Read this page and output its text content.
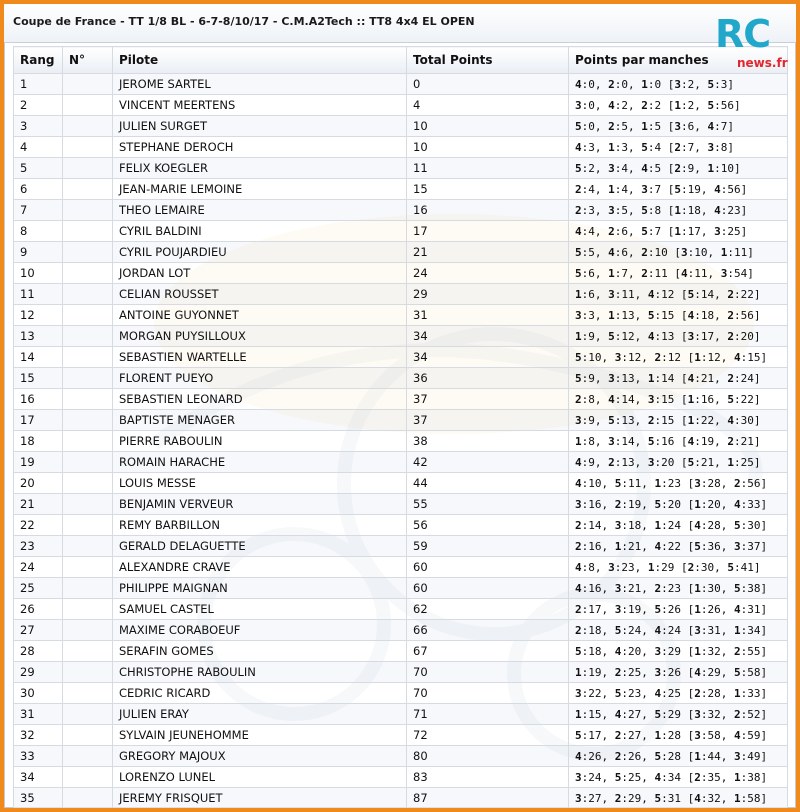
Coupe de France - TT 1/8 BL - 6-7-8/10/17 - C.M.A2Tech :: TT8 4x4 EL OPEN	RC
news.fr
Rang	N°	Pilote	Total Points	Points par manches
1		JEROME SARTEL	0	4:0, 2:0, 1:0 [3:2, 5:3]
2		VINCENT MEERTENS	4	3:0, 4:2, 2:2 [1:2, 5:56]
3		JULIEN SURGET	10	5:0, 2:5, 1:5 [3:6, 4:7]
4		STEPHANE DEROCH	10	4:3, 1:3, 5:4 [2:7, 3:8]
5		FELIX KOEGLER	11	5:2, 3:4, 4:5 [2:9, 1:10]
6		JEAN-MARIE LEMOINE	15	2:4, 1:4, 3:7 [5:19, 4:56]
7		THEO LEMAIRE	16	2:3, 3:5, 5:8 [1:18, 4:23]
8		CYRIL BALDINI	17	4:4, 2:6, 5:7 [1:17, 3:25]
9		CYRIL POUJARDIEU	21	5:5, 4:6, 2:10 [3:10, 1:11]
10		JORDAN LOT	24	5:6, 1:7, 2:11 [4:11, 3:54]
11		CELIAN ROUSSET	29	1:6, 3:11, 4:12 [5:14, 2:22]
12		ANTOINE GUYONNET	31	3:3, 1:13, 5:15 [4:18, 2:56]
13		MORGAN PUYSILLOUX	34	1:9, 5:12, 4:13 [3:17, 2:20]
14		SEBASTIEN WARTELLE	34	5:10, 3:12, 2:12 [1:12, 4:15]
15		FLORENT PUEYO	36	5:9, 3:13, 1:14 [4:21, 2:24]
16		SEBASTIEN LEONARD	37	2:8, 4:14, 3:15 [1:16, 5:22]
17		BAPTISTE MENAGER	37	3:9, 5:13, 2:15 [1:22, 4:30]
18		PIERRE RABOULIN	38	1:8, 3:14, 5:16 [4:19, 2:21]
19		ROMAIN HARACHE	42	4:9, 2:13, 3:20 [5:21, 1:25]
20		LOUIS MESSE	44	4:10, 5:11, 1:23 [3:28, 2:56]
21		BENJAMIN VERVEUR	55	3:16, 2:19, 5:20 [1:20, 4:33]
22		REMY BARBILLON	56	2:14, 3:18, 1:24 [4:28, 5:30]
23		GERALD DELAGUETTE	59	2:16, 1:21, 4:22 [5:36, 3:37]
24		ALEXANDRE CRAVE	60	4:8, 3:23, 1:29 [2:30, 5:41]
25		PHILIPPE MAIGNAN	60	4:16, 3:21, 2:23 [1:30, 5:38]
26		SAMUEL CASTEL	62	2:17, 3:19, 5:26 [1:26, 4:31]
27		MAXIME CORABOEUF	66	2:18, 5:24, 4:24 [3:31, 1:34]
28		SERAFIN GOMES	67	5:18, 4:20, 3:29 [1:32, 2:55]
29		CHRISTOPHE RABOULIN	70	1:19, 2:25, 3:26 [4:29, 5:58]
30		CEDRIC RICARD	70	3:22, 5:23, 4:25 [2:28, 1:33]
31		JULIEN ERAY	71	1:15, 4:27, 5:29 [3:32, 2:52]
32		SYLVAIN JEUNEHOMME	72	5:17, 2:27, 1:28 [3:58, 4:59]
33		GREGORY MAJOUX	80	4:26, 2:26, 5:28 [1:44, 3:49]
34		LORENZO LUNEL	83	3:24, 5:25, 4:34 [2:35, 1:38]
35		JEREMY FRISQUET	87	3:27, 2:29, 5:31 [4:32, 1:58]
